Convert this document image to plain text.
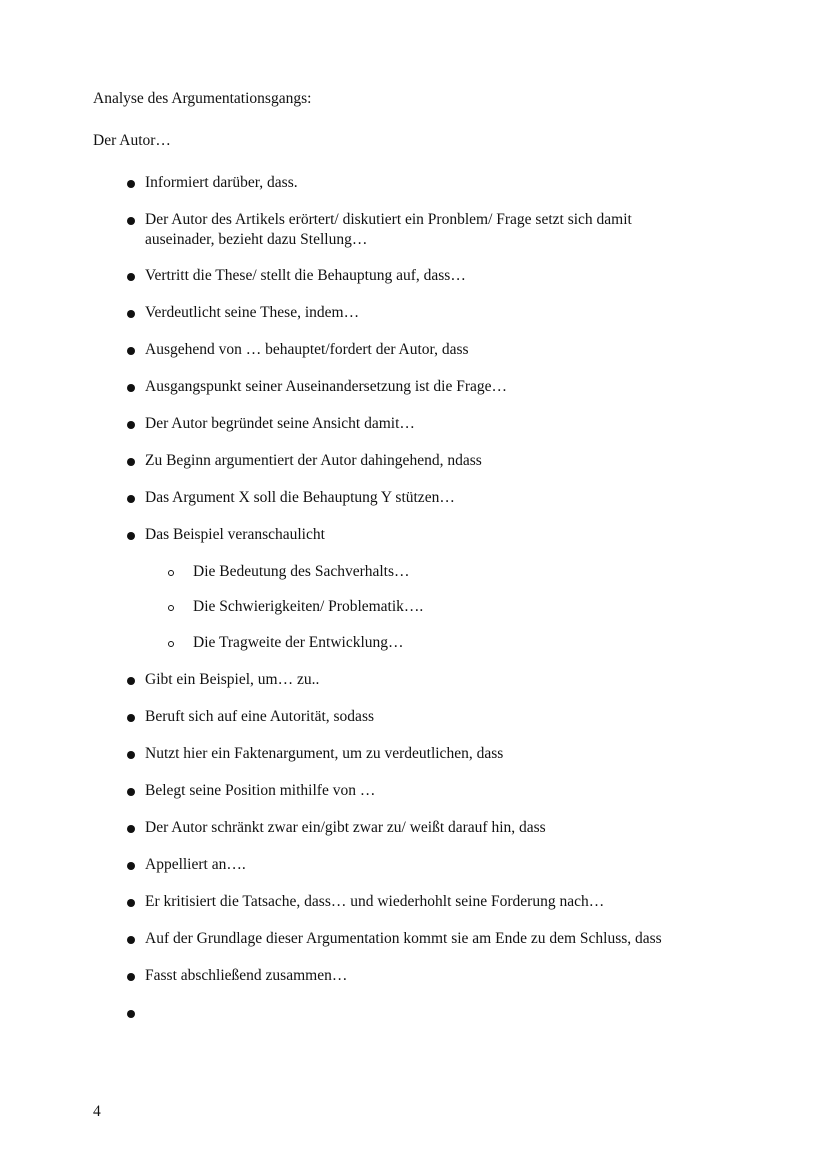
Analyse des Argumentationsgangs:
Der Autor…
Informiert darüber, dass.
Der Autor des Artikels erörtert/ diskutiert ein Pronblem/ Frage setzt sich damit auseinader, bezieht dazu Stellung…
Vertritt die These/ stellt die Behauptung auf, dass…
Verdeutlicht seine These, indem…
Ausgehend von … behauptet/fordert der Autor, dass
Ausgangspunkt seiner Auseinandersetzung ist die Frage…
Der Autor begründet seine Ansicht damit…
Zu Beginn argumentiert der Autor dahingehend, ndass
Das Argument X soll die Behauptung Y stützen…
Das Beispiel veranschaulicht
Die Bedeutung des Sachverhalts…
Die Schwierigkeiten/ Problematik….
Die Tragweite der Entwicklung…
Gibt ein Beispiel, um… zu..
Beruft sich auf eine Autorität, sodass
Nutzt hier ein Faktenargument, um zu verdeutlichen, dass
Belegt seine Position mithilfe von …
Der Autor schränkt zwar ein/gibt zwar zu/ weißt darauf hin, dass
Appelliert an….
Er kritisiert die Tatsache, dass… und wiederhohlt seine Forderung nach…
Auf der Grundlage dieser Argumentation kommt sie am Ende zu dem Schluss, dass
Fasst abschließend zusammen…
4
